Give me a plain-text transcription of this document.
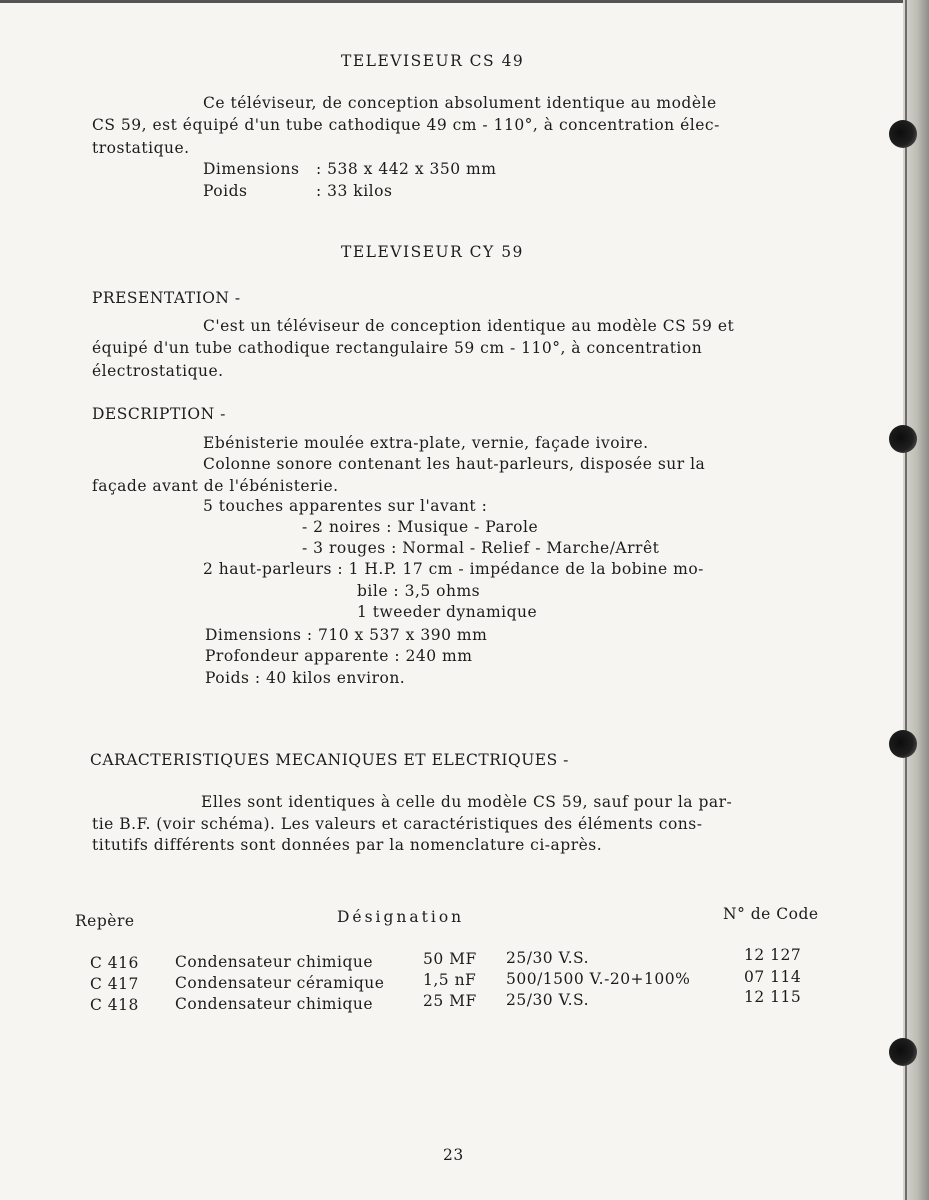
TELEVISEUR CS 49
Ce téléviseur, de conception absolument identique au modèle
CS 59, est équipé d'un tube cathodique 49 cm - 110°, à concentration élec-
trostatique.
Dimensions : 538 x 442 x 350 mm
Poids	: 33 kilos
TELEVISEUR CY 59
PRESENTATION -
C'est un téléviseur de conception identique au modèle CS 59 et
équipé d'un tube cathodique rectangulaire 59 cm - 110°, à concentration
électrostatique.
DESCRIPTION -
Ebénisterie moulée extra-plate, vernie, façade ivoire.
Colonne sonore contenant les haut-parleurs, disposée sur la
façade avant de l'ébénisterie.
5 touches apparentes sur l'avant :
- 2 noires : Musique - Parole
- 3 rouges : Normal - Relief - Marche/Arrêt
2 haut-parleurs : 1 H.P. 17 cm - impédance de la bobine mo-
bile : 3,5 ohms
1 tweeder dynamique
Dimensions : 710 x 537 x 390 mm
Profondeur apparente : 240 mm
Poids : 40 kilos environ.
CARACTERISTIQUES MECANIQUES ET ELECTRIQUES -
Elles sont identiques à celle du modèle CS 59, sauf pour la par-
tie B.F. (voir schéma). Les valeurs et caractéristiques des éléments cons-
titutifs différents sont données par la nomenclature ci-après.
Repère	Désignation	N° de Code
C 416 Condensateur chimique	50 MF 25/30 V.S.	12 127
C 417 Condensateur céramique 1,5 nF 500/1500 V.-20+100%	07 114
C 418 Condensateur chimique	25 MF 25/30 V.S.	12 115
23
